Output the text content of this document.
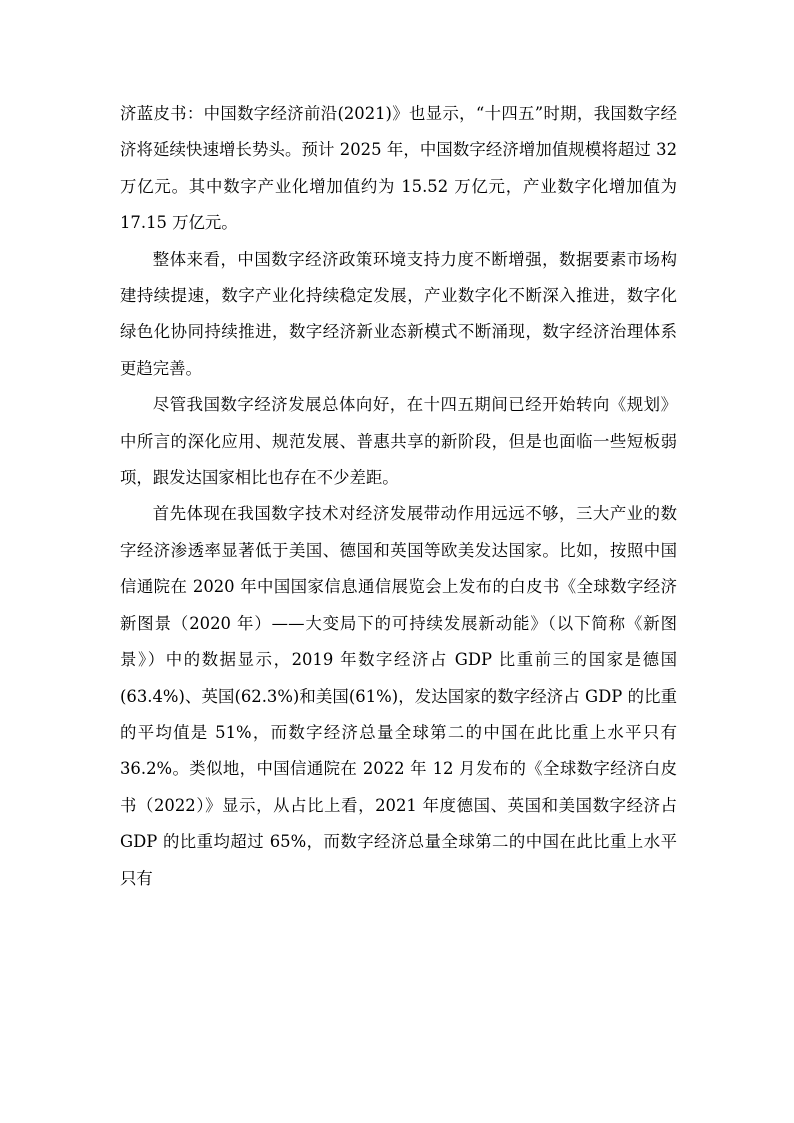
济蓝皮书：中国数字经济前沿(2021)》也显示，“十四五”时期，我国数字经济将延续快速增长势头。预计 2025 年，中国数字经济增加值规模将超过 32 万亿元。其中数字产业化增加值约为 15.52 万亿元，产业数字化增加值为 17.15 万亿元。

整体来看，中国数字经济政策环境支持力度不断增强，数据要素市场构建持续提速，数字产业化持续稳定发展，产业数字化不断深入推进，数字化绿色化协同持续推进，数字经济新业态新模式不断涌现，数字经济治理体系更趋完善。

尽管我国数字经济发展总体向好，在十四五期间已经开始转向《规划》中所言的深化应用、规范发展、普惠共享的新阶段，但是也面临一些短板弱项，跟发达国家相比也存在不少差距。

首先体现在我国数字技术对经济发展带动作用远远不够，三大产业的数字经济渗透率显著低于美国、德国和英国等欧美发达国家。比如，按照中国信通院在 2020 年中国国家信息通信展览会上发布的白皮书《全球数字经济新图景（2020 年）——大变局下的可持续发展新动能》（以下简称《新图景》）中的数据显示，2019 年数字经济占 GDP 比重前三的国家是德国(63.4%)、英国(62.3%)和美国(61%)，发达国家的数字经济占 GDP 的比重的平均值是 51%，而数字经济总量全球第二的中国在此比重上水平只有 36.2%。类似地，中国信通院在 2022 年 12 月发布的《全球数字经济白皮书（2022）》显示，从占比上看，2021 年度德国、英国和美国数字经济占 GDP 的比重均超过 65%，而数字经济总量全球第二的中国在此比重上水平只有
